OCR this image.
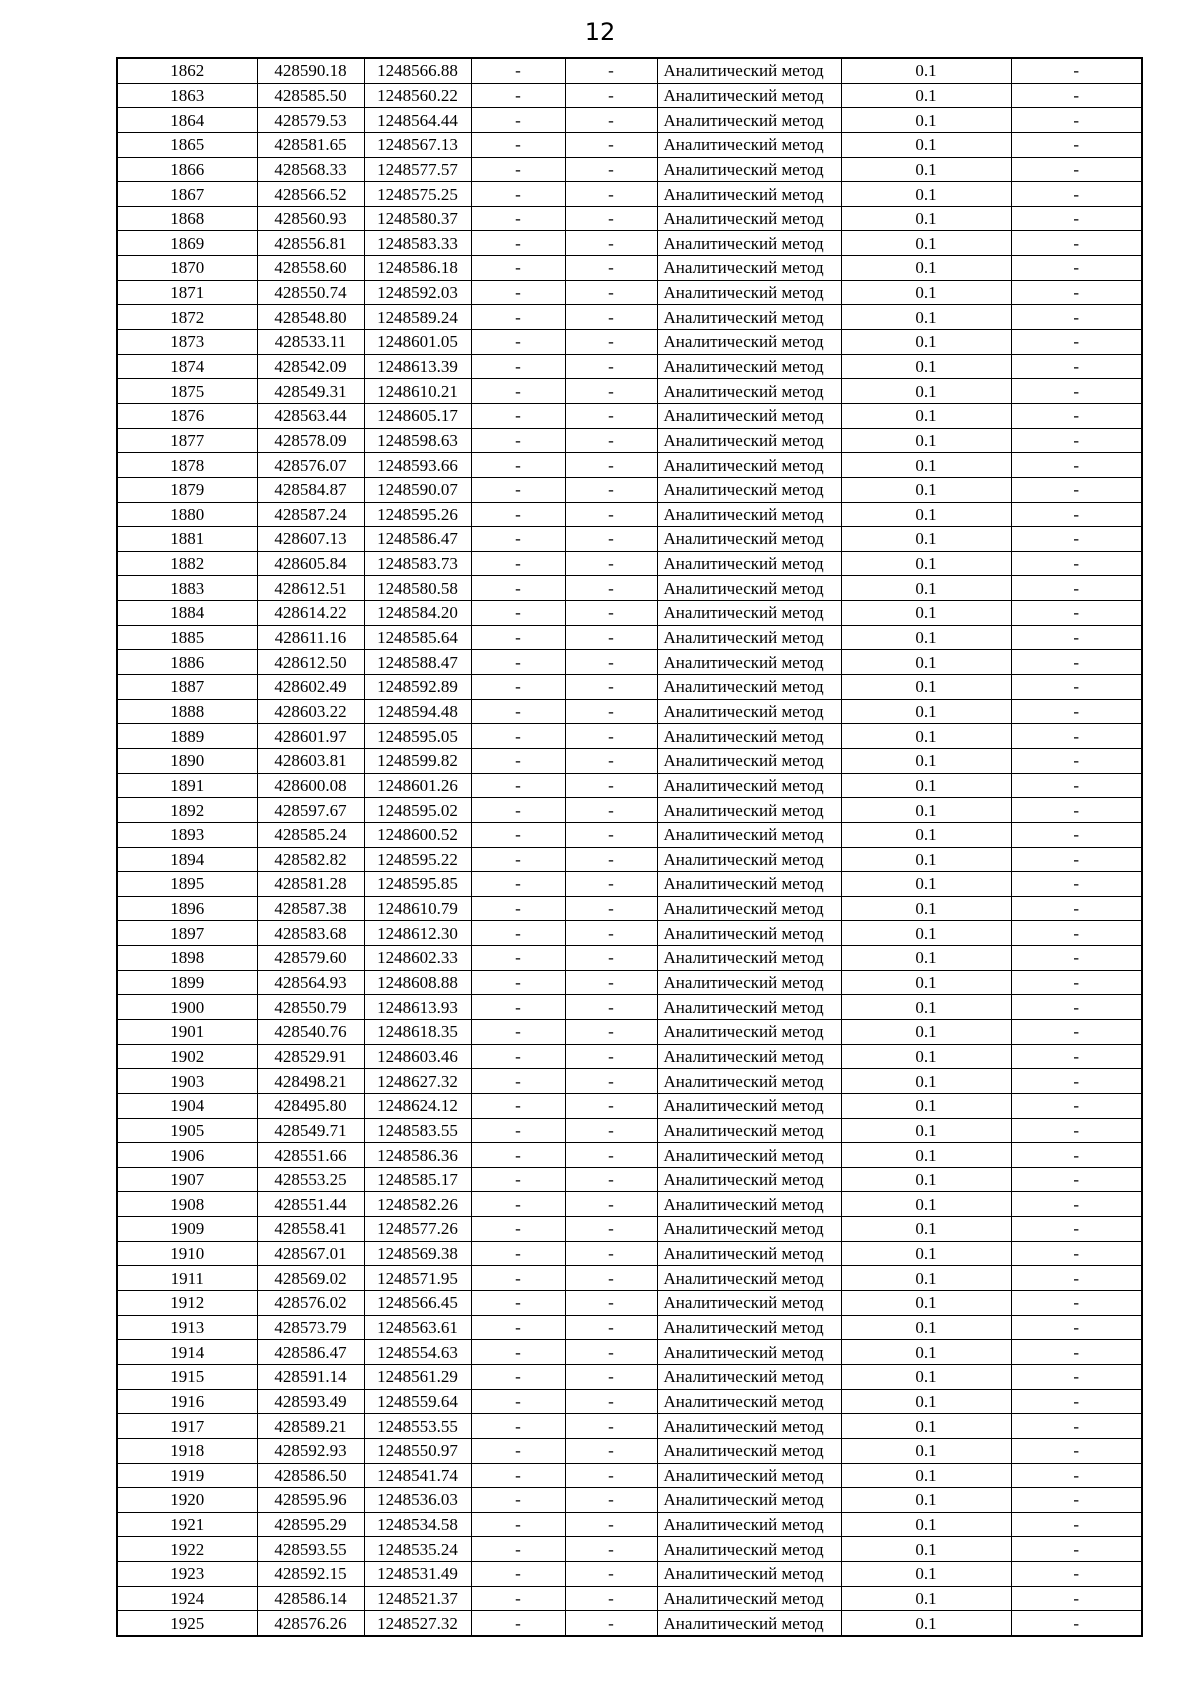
12
1862	428590.18	1248566.88	-	-	Аналитический метод	0.1	-
1863	428585.50	1248560.22	-	-	Аналитический метод	0.1	-
1864	428579.53	1248564.44	-	-	Аналитический метод	0.1	-
1865	428581.65	1248567.13	-	-	Аналитический метод	0.1	-
1866	428568.33	1248577.57	-	-	Аналитический метод	0.1	-
1867	428566.52	1248575.25	-	-	Аналитический метод	0.1	-
1868	428560.93	1248580.37	-	-	Аналитический метод	0.1	-
1869	428556.81	1248583.33	-	-	Аналитический метод	0.1	-
1870	428558.60	1248586.18	-	-	Аналитический метод	0.1	-
1871	428550.74	1248592.03	-	-	Аналитический метод	0.1	-
1872	428548.80	1248589.24	-	-	Аналитический метод	0.1	-
1873	428533.11	1248601.05	-	-	Аналитический метод	0.1	-
1874	428542.09	1248613.39	-	-	Аналитический метод	0.1	-
1875	428549.31	1248610.21	-	-	Аналитический метод	0.1	-
1876	428563.44	1248605.17	-	-	Аналитический метод	0.1	-
1877	428578.09	1248598.63	-	-	Аналитический метод	0.1	-
1878	428576.07	1248593.66	-	-	Аналитический метод	0.1	-
1879	428584.87	1248590.07	-	-	Аналитический метод	0.1	-
1880	428587.24	1248595.26	-	-	Аналитический метод	0.1	-
1881	428607.13	1248586.47	-	-	Аналитический метод	0.1	-
1882	428605.84	1248583.73	-	-	Аналитический метод	0.1	-
1883	428612.51	1248580.58	-	-	Аналитический метод	0.1	-
1884	428614.22	1248584.20	-	-	Аналитический метод	0.1	-
1885	428611.16	1248585.64	-	-	Аналитический метод	0.1	-
1886	428612.50	1248588.47	-	-	Аналитический метод	0.1	-
1887	428602.49	1248592.89	-	-	Аналитический метод	0.1	-
1888	428603.22	1248594.48	-	-	Аналитический метод	0.1	-
1889	428601.97	1248595.05	-	-	Аналитический метод	0.1	-
1890	428603.81	1248599.82	-	-	Аналитический метод	0.1	-
1891	428600.08	1248601.26	-	-	Аналитический метод	0.1	-
1892	428597.67	1248595.02	-	-	Аналитический метод	0.1	-
1893	428585.24	1248600.52	-	-	Аналитический метод	0.1	-
1894	428582.82	1248595.22	-	-	Аналитический метод	0.1	-
1895	428581.28	1248595.85	-	-	Аналитический метод	0.1	-
1896	428587.38	1248610.79	-	-	Аналитический метод	0.1	-
1897	428583.68	1248612.30	-	-	Аналитический метод	0.1	-
1898	428579.60	1248602.33	-	-	Аналитический метод	0.1	-
1899	428564.93	1248608.88	-	-	Аналитический метод	0.1	-
1900	428550.79	1248613.93	-	-	Аналитический метод	0.1	-
1901	428540.76	1248618.35	-	-	Аналитический метод	0.1	-
1902	428529.91	1248603.46	-	-	Аналитический метод	0.1	-
1903	428498.21	1248627.32	-	-	Аналитический метод	0.1	-
1904	428495.80	1248624.12	-	-	Аналитический метод	0.1	-
1905	428549.71	1248583.55	-	-	Аналитический метод	0.1	-
1906	428551.66	1248586.36	-	-	Аналитический метод	0.1	-
1907	428553.25	1248585.17	-	-	Аналитический метод	0.1	-
1908	428551.44	1248582.26	-	-	Аналитический метод	0.1	-
1909	428558.41	1248577.26	-	-	Аналитический метод	0.1	-
1910	428567.01	1248569.38	-	-	Аналитический метод	0.1	-
1911	428569.02	1248571.95	-	-	Аналитический метод	0.1	-
1912	428576.02	1248566.45	-	-	Аналитический метод	0.1	-
1913	428573.79	1248563.61	-	-	Аналитический метод	0.1	-
1914	428586.47	1248554.63	-	-	Аналитический метод	0.1	-
1915	428591.14	1248561.29	-	-	Аналитический метод	0.1	-
1916	428593.49	1248559.64	-	-	Аналитический метод	0.1	-
1917	428589.21	1248553.55	-	-	Аналитический метод	0.1	-
1918	428592.93	1248550.97	-	-	Аналитический метод	0.1	-
1919	428586.50	1248541.74	-	-	Аналитический метод	0.1	-
1920	428595.96	1248536.03	-	-	Аналитический метод	0.1	-
1921	428595.29	1248534.58	-	-	Аналитический метод	0.1	-
1922	428593.55	1248535.24	-	-	Аналитический метод	0.1	-
1923	428592.15	1248531.49	-	-	Аналитический метод	0.1	-
1924	428586.14	1248521.37	-	-	Аналитический метод	0.1	-
1925	428576.26	1248527.32	-	-	Аналитический метод	0.1	-
